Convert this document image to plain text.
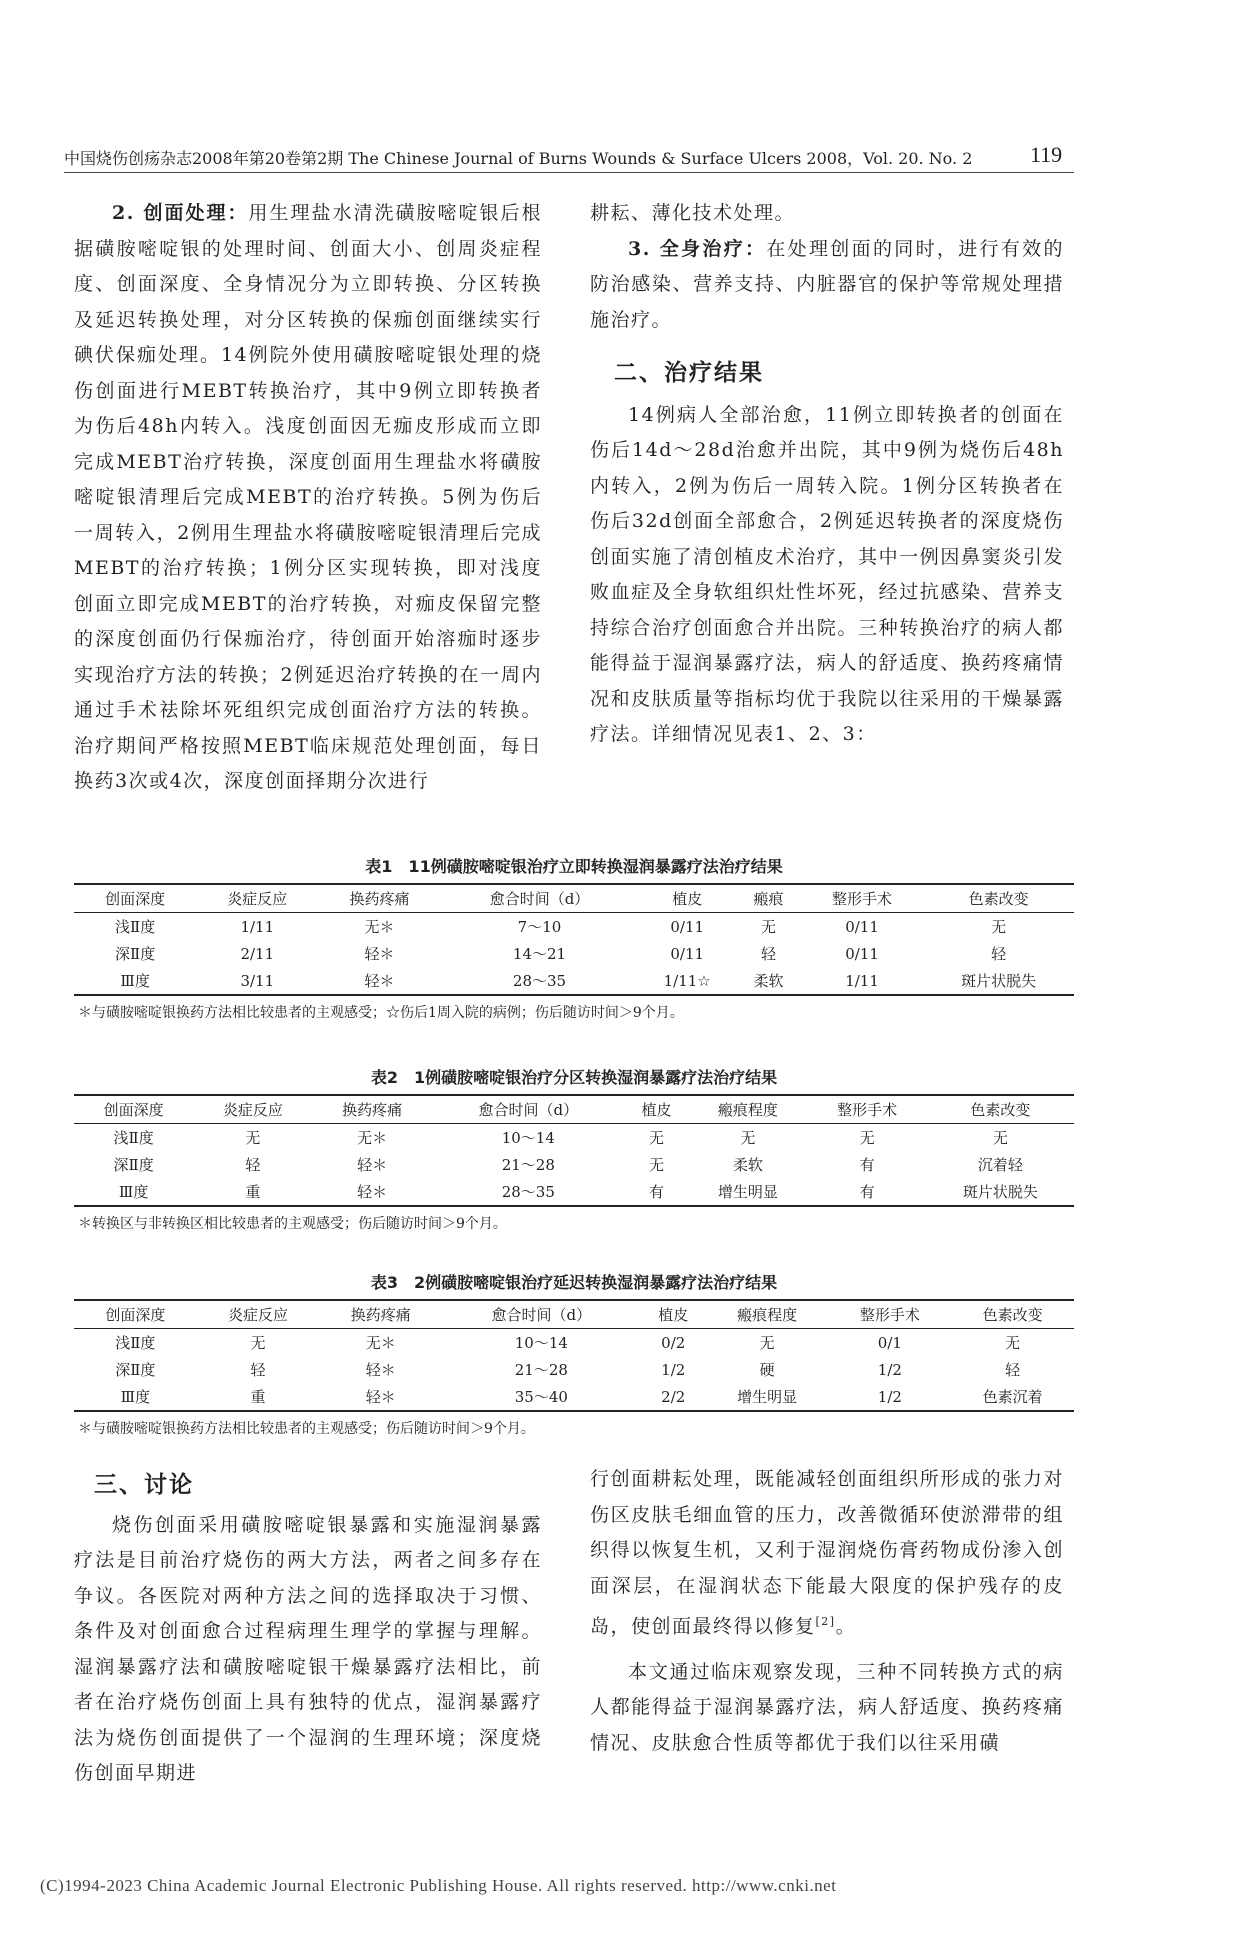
中国烧伤创疡杂志2008年第20卷第2期 The Chinese Journal of Burns Wounds & Surface Ulcers 2008，Vol. 20. No. 2	119

2. 创面处理：用生理盐水清洗磺胺嘧啶银后根据磺胺嘧啶银的处理时间、创面大小、创周炎症程度、创面深度、全身情况分为立即转换、分区转换及延迟转换处理，对分区转换的保痂创面继续实行碘伏保痂处理。14例院外使用磺胺嘧啶银处理的烧伤创面进行MEBT转换治疗，其中9例立即转换者为伤后48h内转入。浅度创面因无痂皮形成而立即完成MEBT治疗转换，深度创面用生理盐水将磺胺嘧啶银清理后完成MEBT的治疗转换。5例为伤后一周转入，2例用生理盐水将磺胺嘧啶银清理后完成MEBT的治疗转换；1例分区实现转换，即对浅度创面立即完成MEBT的治疗转换，对痂皮保留完整的深度创面仍行保痂治疗，待创面开始溶痂时逐步实现治疗方法的转换；2例延迟治疗转换的在一周内通过手术祛除坏死组织完成创面治疗方法的转换。治疗期间严格按照MEBT临床规范处理创面，每日换药3次或4次，深度创面择期分次进行

耕耘、薄化技术处理。

3. 全身治疗：在处理创面的同时，进行有效的防治感染、营养支持、内脏器官的保护等常规处理措施治疗。

二、治疗结果

14例病人全部治愈，11例立即转换者的创面在伤后14d～28d治愈并出院，其中9例为烧伤后48h内转入，2例为伤后一周转入院。1例分区转换者在伤后32d创面全部愈合，2例延迟转换者的深度烧伤创面实施了清创植皮术治疗，其中一例因鼻窦炎引发败血症及全身软组织灶性坏死，经过抗感染、营养支持综合治疗创面愈合并出院。三种转换治疗的病人都能得益于湿润暴露疗法，病人的舒适度、换药疼痛情况和皮肤质量等指标均优于我院以往采用的干燥暴露疗法。详细情况见表1、2、3：

表1　11例磺胺嘧啶银治疗立即转换湿润暴露疗法治疗结果
创面深度	炎症反应	换药疼痛	愈合时间（d）	植皮	瘢痕	整形手术	色素改变
浅Ⅱ度	1/11	无＊	7～10	0/11	无	0/11	无
深Ⅱ度	2/11	轻＊	14～21	0/11	轻	0/11	轻
Ⅲ度	3/11	轻＊	28～35	1/11☆	柔软	1/11	斑片状脱失
＊与磺胺嘧啶银换药方法相比较患者的主观感受；☆伤后1周入院的病例；伤后随访时间＞9个月。
表2　1例磺胺嘧啶银治疗分区转换湿润暴露疗法治疗结果
创面深度	炎症反应	换药疼痛	愈合时间（d）	植皮	瘢痕程度	整形手术	色素改变
浅Ⅱ度	无	无＊	10～14	无	无	无	无
深Ⅱ度	轻	轻＊	21～28	无	柔软	有	沉着轻
Ⅲ度	重	轻＊	28～35	有	增生明显	有	斑片状脱失
＊转换区与非转换区相比较患者的主观感受；伤后随访时间＞9个月。
表3　2例磺胺嘧啶银治疗延迟转换湿润暴露疗法治疗结果
创面深度	炎症反应	换药疼痛	愈合时间（d）	植皮	瘢痕程度	整形手术	色素改变
浅Ⅱ度	无	无＊	10～14	0/2	无	0/1	无
深Ⅱ度	轻	轻＊	21～28	1/2	硬	1/2	轻
Ⅲ度	重	轻＊	35～40	2/2	增生明显	1/2	色素沉着
＊与磺胺嘧啶银换药方法相比较患者的主观感受；伤后随访时间＞9个月。
三、讨论

烧伤创面采用磺胺嘧啶银暴露和实施湿润暴露疗法是目前治疗烧伤的两大方法，两者之间多存在争议。各医院对两种方法之间的选择取决于习惯、条件及对创面愈合过程病理生理学的掌握与理解。湿润暴露疗法和磺胺嘧啶银干燥暴露疗法相比，前者在治疗烧伤创面上具有独特的优点，湿润暴露疗法为烧伤创面提供了一个湿润的生理环境；深度烧伤创面早期进

行创面耕耘处理，既能减轻创面组织所形成的张力对伤区皮肤毛细血管的压力，改善微循环使淤滞带的组织得以恢复生机，又利于湿润烧伤膏药物成份渗入创面深层，在湿润状态下能最大限度的保护残存的皮岛，使创面最终得以修复[2]。

本文通过临床观察发现，三种不同转换方式的病人都能得益于湿润暴露疗法，病人舒适度、换药疼痛情况、皮肤愈合性质等都优于我们以往采用磺

(C)1994-2023 China Academic Journal Electronic Publishing House. All rights reserved. http://www.cnki.net
